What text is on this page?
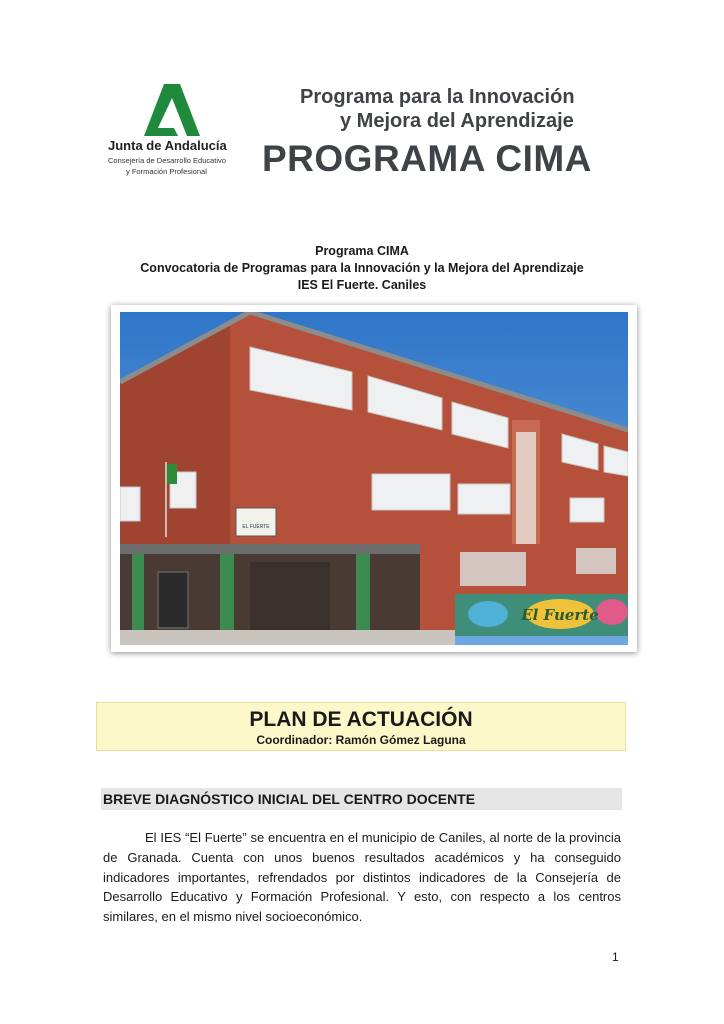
Junta de Andalucía
Consejería de Desarrollo Educativo
y Formación Profesional
Programa para la Innovación
y Mejora del Aprendizaje
PROGRAMA CIMA
Programa CIMA
Convocatoria de Programas para la Innovación y la Mejora del Aprendizaje
IES El Fuerte. Caniles
EL FUERTE
El Fuerte
PLAN DE ACTUACIÓN
Coordinador: Ramón Gómez Laguna
BREVE DIAGNÓSTICO INICIAL DEL CENTRO DOCENTE
El IES “El Fuerte” se encuentra en el municipio de Caniles, al norte de la provincia de Granada. Cuenta con unos buenos resultados académicos y ha conseguido indicadores importantes, refrendados por distintos indicadores de la Consejería de Desarrollo Educativo y Formación Profesional. Y esto, con respecto a los centros similares, en el mismo nivel socioeconómico.
1
